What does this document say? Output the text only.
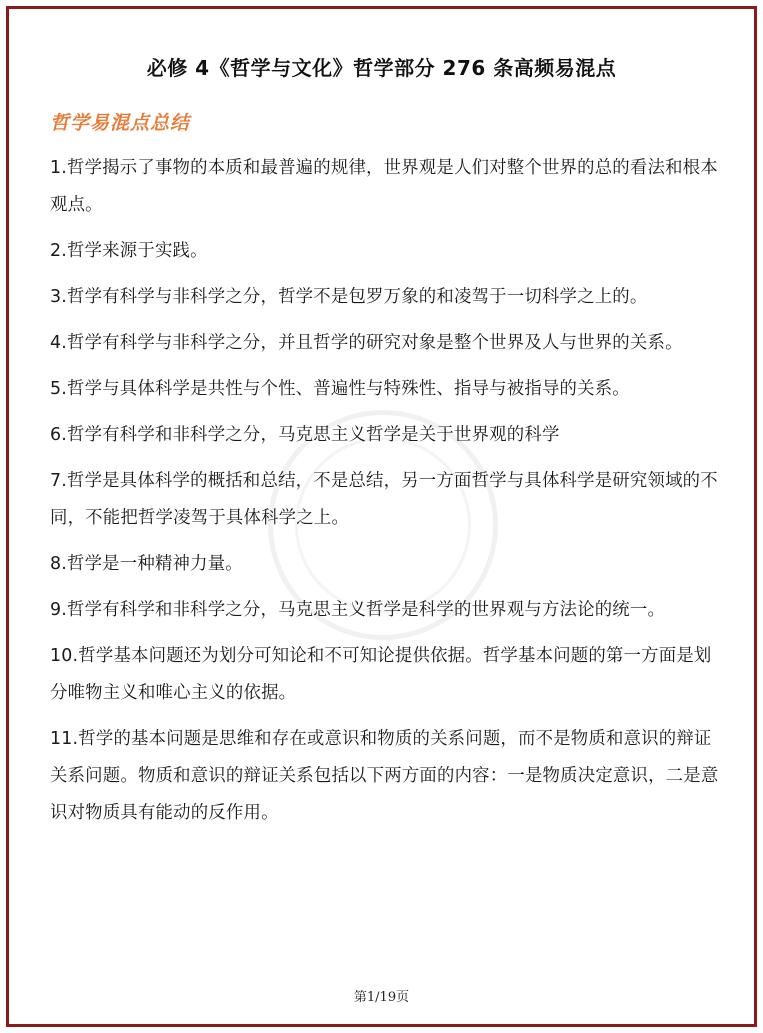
必修 4《哲学与文化》哲学部分 276 条高频易混点
哲学易混点总结

1.哲学揭示了事物的本质和最普遍的规律，世界观是人们对整个世界的总的看法和根本观点。

2.哲学来源于实践。

3.哲学有科学与非科学之分，哲学不是包罗万象的和凌驾于一切科学之上的。

4.哲学有科学与非科学之分，并且哲学的研究对象是整个世界及人与世界的关系。

5.哲学与具体科学是共性与个性、普遍性与特殊性、指导与被指导的关系。

6.哲学有科学和非科学之分，马克思主义哲学是关于世界观的科学

7.哲学是具体科学的概括和总结，不是总结，另一方面哲学与具体科学是研究领域的不同，不能把哲学凌驾于具体科学之上。

8.哲学是一种精神力量。

9.哲学有科学和非科学之分，马克思主义哲学是科学的世界观与方法论的统一。

10.哲学基本问题还为划分可知论和不可知论提供依据。哲学基本问题的第一方面是划分唯物主义和唯心主义的依据。

11.哲学的基本问题是思维和存在或意识和物质的关系问题，而不是物质和意识的辩证关系问题。物质和意识的辩证关系包括以下两方面的内容：一是物质决定意识，二是意识对物质具有能动的反作用。

第1/19页
